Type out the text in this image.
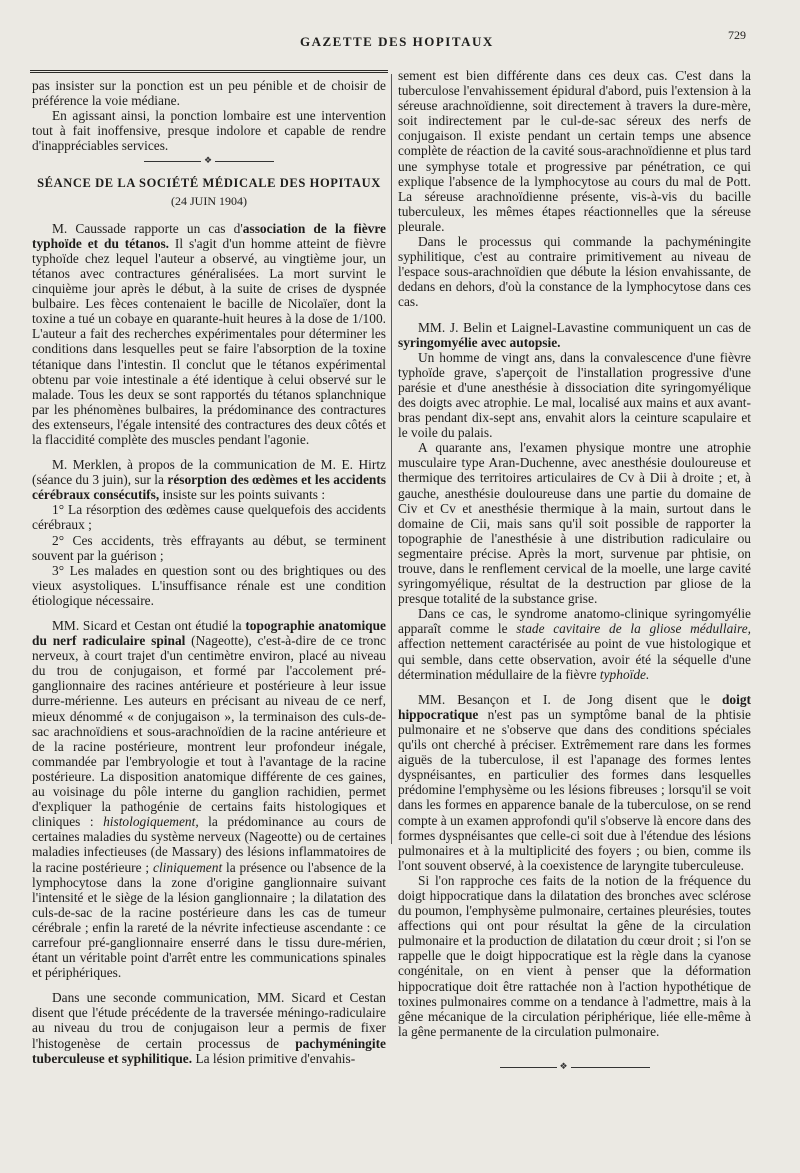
GAZETTE DES HOPITAUX	729

pas insister sur la ponction est un peu pénible et de choisir de préférence la voie médiane.

En agissant ainsi, la ponction lombaire est une intervention tout à fait inoffensive, presque indolore et capable de rendre d'inappréciables services.

❖
SÉANCE DE LA SOCIÉTÉ MÉDICALE DES HOPITAUX
(24 JUIN 1904)

M. Caussade rapporte un cas d'association de la fièvre typhoïde et du tétanos. Il s'agit d'un homme atteint de fièvre typhoïde chez lequel l'auteur a observé, au vingtième jour, un tétanos avec contractures généralisées. La mort survint le cinquième jour après le début, à la suite de crises de dyspnée bulbaire. Les fèces contenaient le bacille de Nicolaïer, dont la toxine a tué un cobaye en quarante-huit heures à la dose de 1/100. L'auteur a fait des recherches expérimentales pour déterminer les conditions dans lesquelles peut se faire l'absorption de la toxine tétanique dans l'intestin. Il conclut que le tétanos expérimental obtenu par voie intestinale a été identique à celui observé sur le malade. Tous les deux se sont rapportés du tétanos splanchnique par les phénomènes bulbaires, la prédominance des contractures des extenseurs, l'égale intensité des contractures des deux côtés et la flaccidité complète des muscles pendant l'agonie.

M. Merklen, à propos de la communication de M. E. Hirtz (séance du 3 juin), sur la résorption des œdèmes et les accidents cérébraux consécutifs, insiste sur les points suivants :

1° La résorption des œdèmes cause quelquefois des accidents cérébraux ;

2° Ces accidents, très effrayants au début, se terminent souvent par la guérison ;

3° Les malades en question sont ou des brightiques ou des vieux asystoliques. L'insuffisance rénale est une condition étiologique nécessaire.

MM. Sicard et Cestan ont étudié la topographie anatomique du nerf radiculaire spinal (Nageotte), c'est-à-dire de ce tronc nerveux, à court trajet d'un centimètre environ, placé au niveau du trou de conjugaison, et formé par l'accolement pré-ganglionnaire des racines antérieure et postérieure à leur issue durre-mérienne. Les auteurs en précisant au niveau de ce nerf, mieux dénommé « de conjugaison », la terminaison des culs-de-sac arachnoïdiens et sous-arachnoïdien de la racine antérieure et de la racine postérieure, montrent leur profondeur inégale, commandée par l'embryologie et tout à l'avantage de la racine postérieure. La disposition anatomique différente de ces gaines, au voisinage du pôle interne du ganglion rachidien, permet d'expliquer la pathogénie de certains faits histologiques et cliniques : histologiquement, la prédominance au cours de certaines maladies du système nerveux (Nageotte) ou de certaines maladies infectieuses (de Massary) des lésions inflammatoires de la racine postérieure ; cliniquement la présence ou l'absence de la lymphocytose dans la zone d'origine ganglionnaire suivant l'intensité et le siège de la lésion ganglionnaire ; la dilatation des culs-de-sac de la racine postérieure dans les cas de tumeur cérébrale ; enfin la rareté de la névrite infectieuse ascendante : ce carrefour pré-ganglionnaire enserré dans le tissu dure-mérien, étant un véritable point d'arrêt entre les communications spinales et périphériques.

Dans une seconde communication, MM. Sicard et Cestan disent que l'étude précédente de la traversée méningo-radiculaire au niveau du trou de conjugaison leur a permis de fixer l'histogenèse de certain processus de pachyméningite tuberculeuse et syphilitique. La lésion primitive d'envahis-

sement est bien différente dans ces deux cas. C'est dans la tuberculose l'envahissement épidural d'abord, puis l'extension à la séreuse arachnoïdienne, soit directement à travers la dure-mère, soit indirectement par le cul-de-sac séreux des nerfs de conjugaison. Il existe pendant un certain temps une absence complète de réaction de la cavité sous-arachnoïdienne et plus tard une symphyse totale et progressive par pénétration, ce qui explique l'absence de la lymphocytose au cours du mal de Pott. La séreuse arachnoïdienne présente, vis-à-vis du bacille tuberculeux, les mêmes étapes réactionnelles que la séreuse pleurale.

Dans le processus qui commande la pachyméningite syphilitique, c'est au contraire primitivement au niveau de l'espace sous-arachnoïdien que débute la lésion envahissante, de dedans en dehors, d'où la constance de la lymphocytose dans ces cas.

MM. J. Belin et Laignel-Lavastine communiquent un cas de syringomyélie avec autopsie.

Un homme de vingt ans, dans la convalescence d'une fièvre typhoïde grave, s'aperçoit de l'installation progressive d'une parésie et d'une anesthésie à dissociation dite syringomyélique des doigts avec atrophie. Le mal, localisé aux mains et aux avant-bras pendant dix-sept ans, envahit alors la ceinture scapulaire et le voile du palais.

A quarante ans, l'examen physique montre une atrophie musculaire type Aran-Duchenne, avec anesthésie douloureuse et thermique des territoires articulaires de Cv à Dii à droite ; et, à gauche, anesthésie douloureuse dans une partie du domaine de Civ et Cv et anesthésie thermique à la main, surtout dans le domaine de Cii, mais sans qu'il soit possible de rapporter la topographie de l'anesthésie à une distribution radiculaire ou segmentaire précise. Après la mort, survenue par phtisie, on trouve, dans le renflement cervical de la moelle, une large cavité syringomyélique, résultat de la destruction par gliose de la presque totalité de la substance grise.

Dans ce cas, le syndrome anatomo-clinique syringomyélie apparaît comme le stade cavitaire de la gliose médullaire, affection nettement caractérisée au point de vue histologique et qui semble, dans cette observation, avoir été la séquelle d'une détermination médullaire de la fièvre typhoïde.

MM. Besançon et I. de Jong disent que le doigt hippocratique n'est pas un symptôme banal de la phtisie pulmonaire et ne s'observe que dans des conditions spéciales qu'ils ont cherché à préciser. Extrêmement rare dans les formes aiguës de la tuberculose, il est l'apanage des formes lentes dyspnéisantes, en particulier des formes dans lesquelles prédomine l'emphysème ou les lésions fibreuses ; lorsqu'il se voit dans les formes en apparence banale de la tuberculose, on se rend compte à un examen approfondi qu'il s'observe là encore dans des formes dyspnéisantes que celle-ci soit due à l'étendue des lésions pulmonaires et à la multiplicité des foyers ; ou bien, comme ils l'ont souvent observé, à la coexistence de laryngite tuberculeuse.

Si l'on rapproche ces faits de la notion de la fréquence du doigt hippocratique dans la dilatation des bronches avec sclérose du poumon, l'emphysème pulmonaire, certaines pleurésies, toutes affections qui ont pour résultat la gêne de la circulation pulmonaire et la production de dilatation du cœur droit ; si l'on se rappelle que le doigt hippocratique est la règle dans la cyanose congénitale, on en vient à penser que la déformation hippocratique doit être rattachée non à l'action hypothétique de toxines pulmonaires comme on a tendance à l'admettre, mais à la gêne mécanique de la circulation périphérique, liée elle-même à la gêne permanente de la circulation pulmonaire.

❖
